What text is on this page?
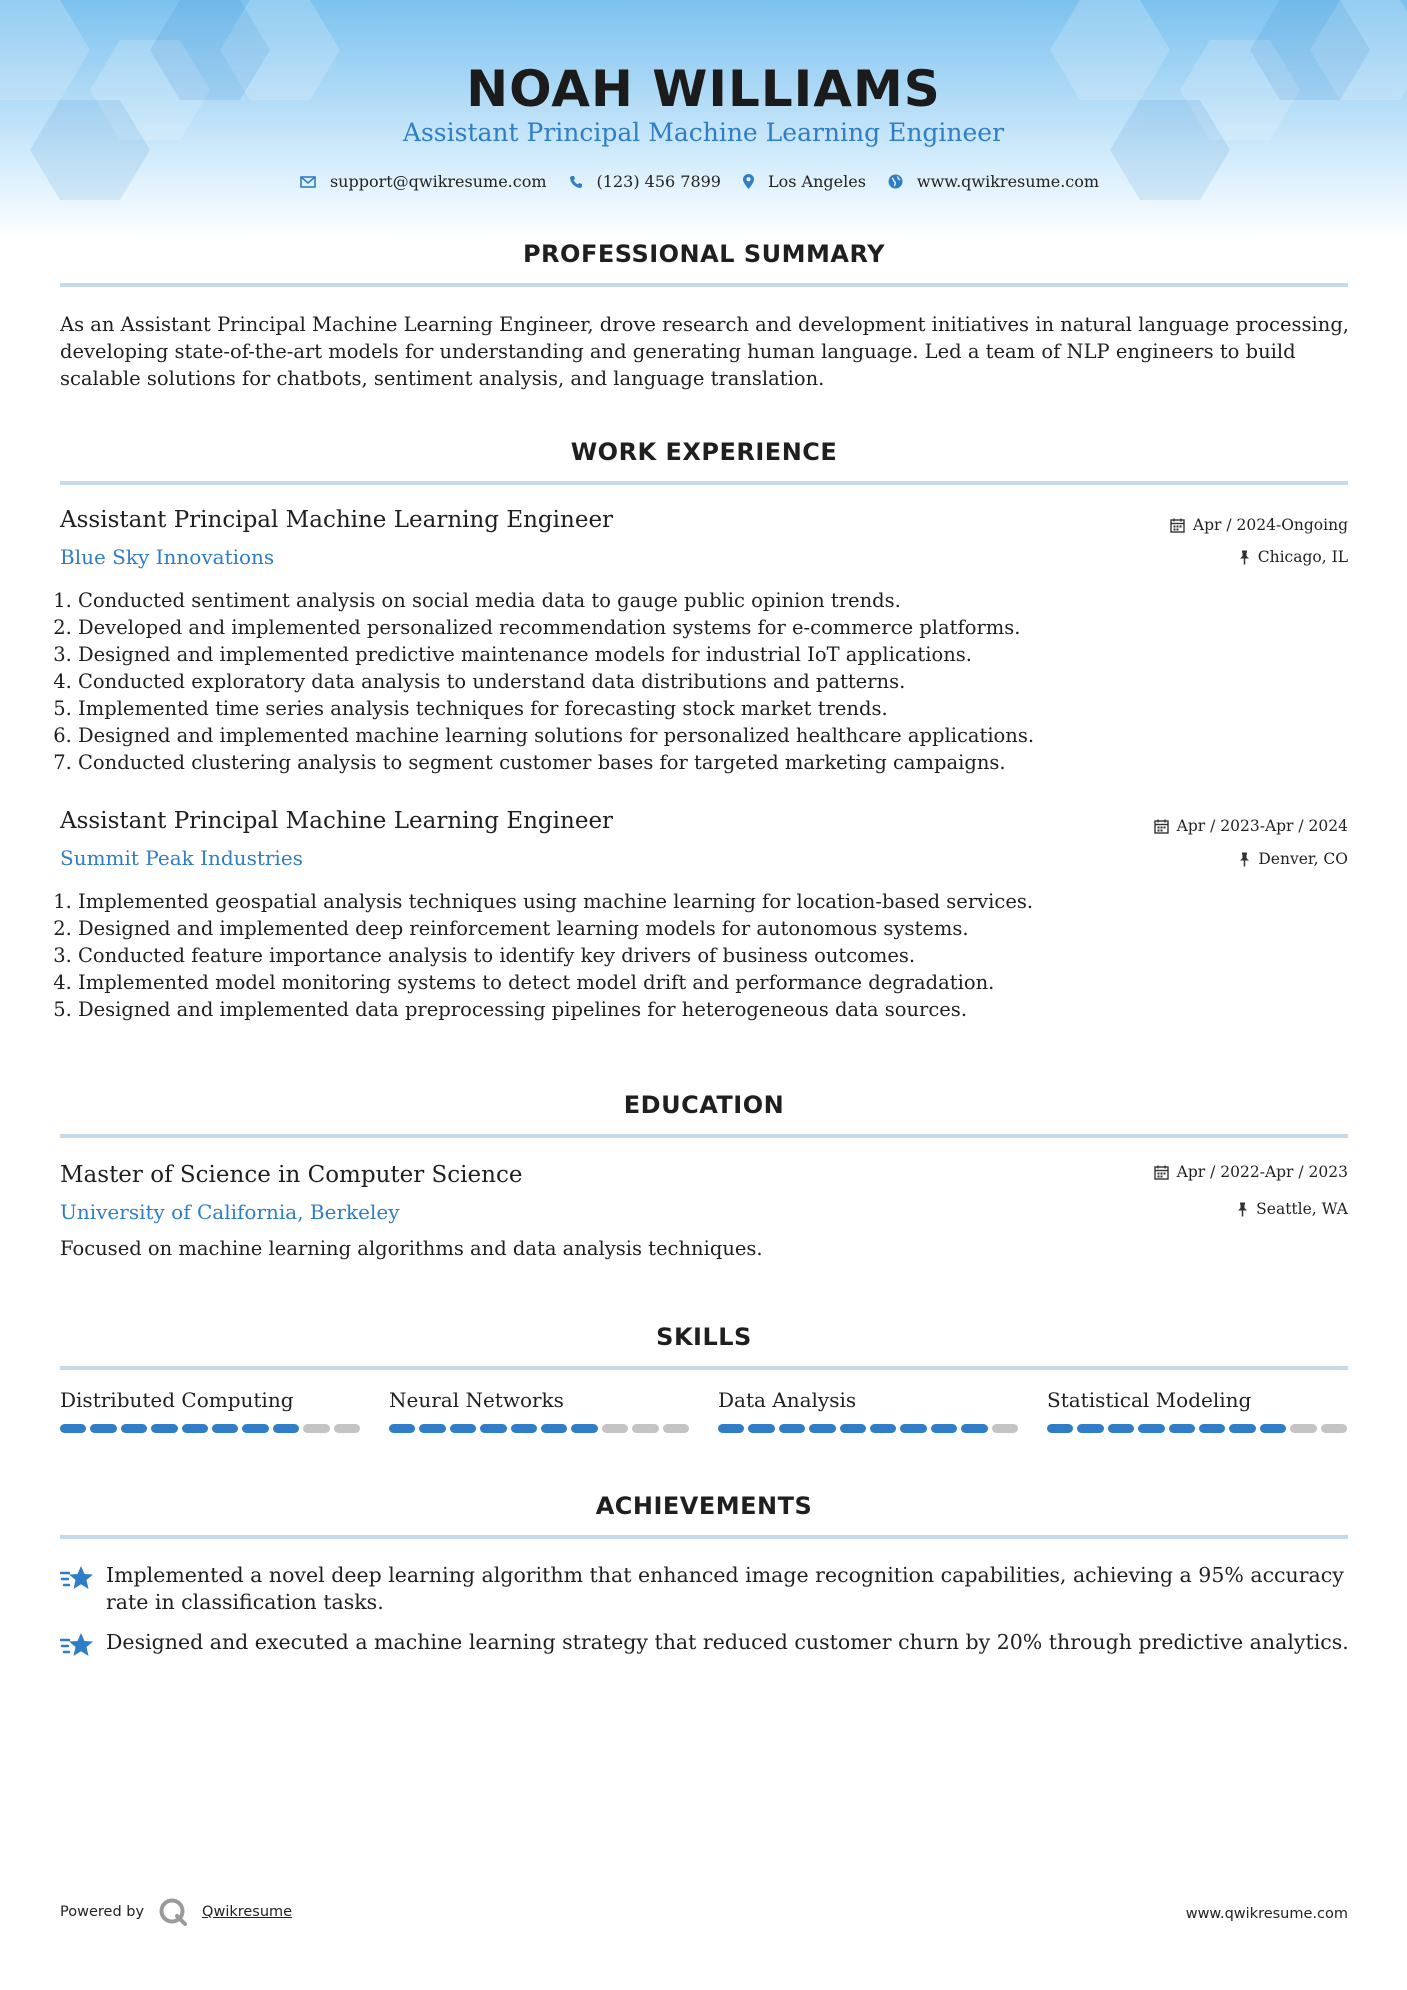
NOAH WILLIAMS
Assistant Principal Machine Learning Engineer
support@qwikresume.com	(123) 456 7899	Los Angeles	www.qwikresume.com
PROFESSIONAL SUMMARY
As an Assistant Principal Machine Learning Engineer, drove research and development initiatives in natural language processing, developing state-of-the-art models for understanding and generating human language. Led a team of NLP engineers to build scalable solutions for chatbots, sentiment analysis, and language translation.
WORK EXPERIENCE
Assistant Principal Machine Learning Engineer
Blue Sky Innovations
Apr / 2024-Ongoing
Chicago, IL
1. Conducted sentiment analysis on social media data to gauge public opinion trends.
2. Developed and implemented personalized recommendation systems for e-commerce platforms.
3. Designed and implemented predictive maintenance models for industrial IoT applications.
4. Conducted exploratory data analysis to understand data distributions and patterns.
5. Implemented time series analysis techniques for forecasting stock market trends.
6. Designed and implemented machine learning solutions for personalized healthcare applications.
7. Conducted clustering analysis to segment customer bases for targeted marketing campaigns.
Assistant Principal Machine Learning Engineer
Summit Peak Industries
Apr / 2023-Apr / 2024
Denver, CO
1. Implemented geospatial analysis techniques using machine learning for location-based services.
2. Designed and implemented deep reinforcement learning models for autonomous systems.
3. Conducted feature importance analysis to identify key drivers of business outcomes.
4. Implemented model monitoring systems to detect model drift and performance degradation.
5. Designed and implemented data preprocessing pipelines for heterogeneous data sources.
EDUCATION
Master of Science in Computer Science
University of California, Berkeley
Apr / 2022-Apr / 2023
Seattle, WA
Focused on machine learning algorithms and data analysis techniques.
SKILLS
Distributed Computing	Neural Networks	Data Analysis	Statistical Modeling
ACHIEVEMENTS
Implemented a novel deep learning algorithm that enhanced image recognition capabilities, achieving a 95% accuracy rate in classification tasks.
Designed and executed a machine learning strategy that reduced customer churn by 20% through predictive analytics.
Powered by	Qwikresume	www.qwikresume.com
